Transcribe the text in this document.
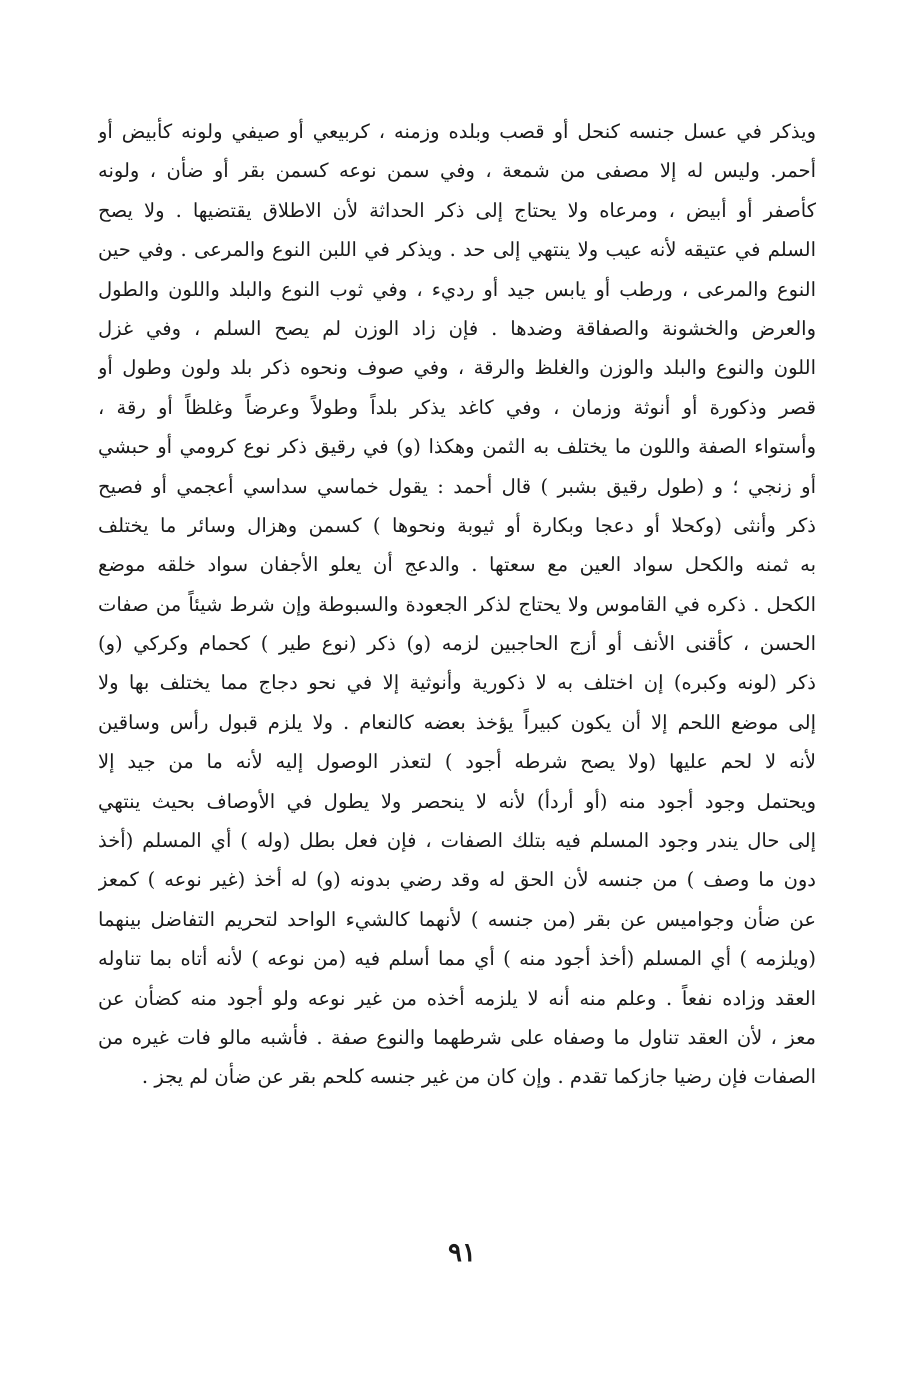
ويذكر في عسل جنسه كنحل أو قصب وبلده وزمنه ، كربيعي أو صيفي ولونه كأبيض أو
أحمر. وليس له إلا مصفى من شمعة ، وفي سمن نوعه كسمن بقر أو ضأن ، ولونه
كأصفر أو أبيض ، ومرعاه ولا يحتاج إلى ذكر الحداثة لأن الاطلاق يقتضيها . ولا يصح
السلم في عتيقه لأنه عيب ولا ينتهي إلى حد . ويذكر في اللبن النوع والمرعى . وفي حين
النوع والمرعى ، ورطب أو يابس جيد أو رديء ، وفي ثوب النوع والبلد واللون والطول
والعرض والخشونة والصفاقة وضدها . فإن زاد الوزن لم يصح السلم ، وفي غزل
اللون والنوع والبلد والوزن والغلظ والرقة ، وفي صوف ونحوه ذكر بلد ولون وطول أو
قصر وذكورة أو أنوثة وزمان ، وفي كاغد يذكر بلداً وطولاً وعرضاً وغلظاً أو رقة ،
وأستواء الصفة واللون ما يختلف به الثمن وهكذا (و) في رقيق ذكر نوع كرومي أو حبشي
أو زنجي ؛ و (طول رقيق بشبر ) قال أحمد : يقول خماسي سداسي أعجمي أو فصيح
ذكر وأنثى (وكحلا أو دعجا وبكارة أو ثيوبة ونحوها ) كسمن وهزال وسائر ما يختلف
به ثمنه والكحل سواد العين مع سعتها . والدعج أن يعلو الأجفان سواد خلقه موضع
الكحل . ذكره في القاموس ولا يحتاج لذكر الجعودة والسبوطة وإن شرط شيئاً من صفات
الحسن ، كأقنى الأنف أو أزج الحاجبين لزمه (و) ذكر (نوع طير ) كحمام وكركي (و)
ذكر (لونه وكبره) إن اختلف به لا ذكورية وأنوثية إلا في نحو دجاج مما يختلف بها ولا
إلى موضع اللحم إلا أن يكون كبيراً يؤخذ بعضه كالنعام . ولا يلزم قبول رأس وساقين
لأنه لا لحم عليها (ولا يصح شرطه أجود ) لتعذر الوصول إليه لأنه ما من جيد إلا
ويحتمل وجود أجود منه (أو أردأ) لأنه لا ينحصر ولا يطول في الأوصاف بحيث ينتهي
إلى حال يندر وجود المسلم فيه بتلك الصفات ، فإن فعل بطل (وله ) أي المسلم (أخذ
دون ما وصف ) من جنسه لأن الحق له وقد رضي بدونه (و) له أخذ (غير نوعه ) كمعز
عن ضأن وجواميس عن بقر (من جنسه ) لأنهما كالشيء الواحد لتحريم التفاضل بينهما
(ويلزمه ) أي المسلم (أخذ أجود منه ) أي مما أسلم فيه (من نوعه ) لأنه أتاه بما تناوله
العقد وزاده نفعاً . وعلم منه أنه لا يلزمه أخذه من غير نوعه ولو أجود منه كضأن عن
معز ، لأن العقد تناول ما وصفاه على شرطهما والنوع صفة . فأشبه مالو فات غيره من
الصفات فإن رضيا جازكما تقدم . وإن كان من غير جنسه كلحم بقر عن ضأن لم يجز .
٩١
